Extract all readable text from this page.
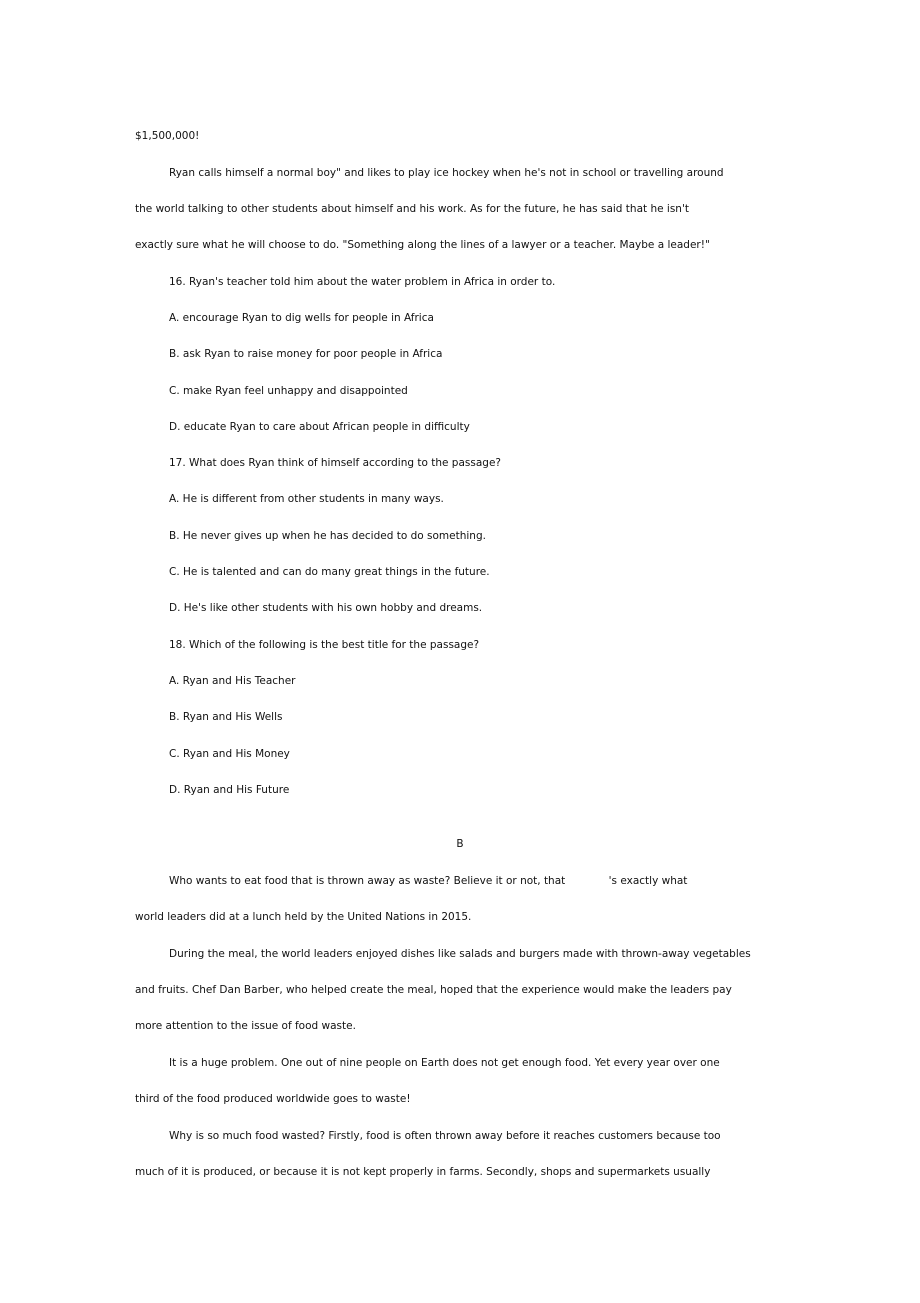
$1,500,000!
Ryan calls himself a normal boy" and likes to play ice hockey when he's not in school or travelling around
the world talking to other students about himself and his work. As for the future, he has said that he isn't
exactly sure what he will choose to do. "Something along the lines of a lawyer or a teacher. Maybe a leader!"
16. Ryan's teacher told him about the water problem in Africa in order to.
A. encourage Ryan to dig wells for people in Africa
B. ask Ryan to raise money for poor people in Africa
C. make Ryan feel unhappy and disappointed
D. educate Ryan to care about African people in difficulty
17. What does Ryan think of himself according to the passage?
A. He is different from other students in many ways.
B. He never gives up when he has decided to do something.
C. He is talented and can do many great things in the future.
D. He's like other students with his own hobby and dreams.
18. Which of the following is the best title for the passage?
A. Ryan and His Teacher
B. Ryan and His Wells
C. Ryan and His Money
D. Ryan and His Future
B
Who wants to eat food that is thrown away as waste? Believe it or not, that             's exactly what
world leaders did at a lunch held by the United Nations in 2015.
During the meal, the world leaders enjoyed dishes like salads and burgers made with thrown-away vegetables
and fruits. Chef Dan Barber, who helped create the meal, hoped that the experience would make the leaders pay
more attention to the issue of food waste.
It is a huge problem. One out of nine people on Earth does not get enough food. Yet every year over one
third of the food produced worldwide goes to waste!
Why is so much food wasted? Firstly, food is often thrown away before it reaches customers because too
much of it is produced, or because it is not kept properly in farms. Secondly, shops and supermarkets usually
